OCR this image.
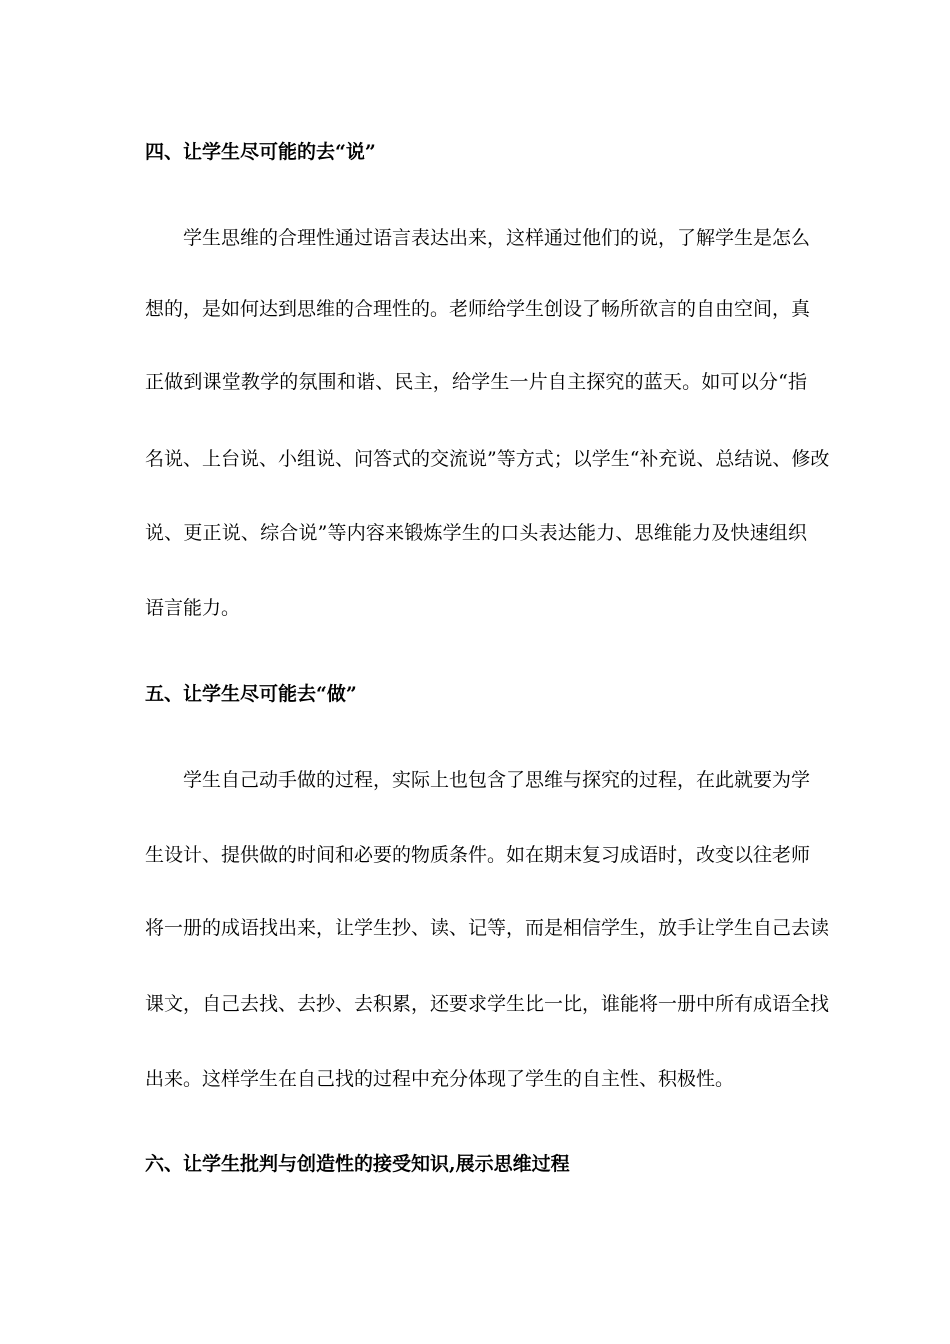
四、让学生尽可能的去“说”
学生思维的合理性通过语言表达出来，这样通过他们的说，了解学生是怎么
想的，是如何达到思维的合理性的。老师给学生创设了畅所欲言的自由空间，真
正做到课堂教学的氛围和谐、民主，给学生一片自主探究的蓝天。如可以分“指
名说、上台说、小组说、问答式的交流说”等方式；以学生“补充说、总结说、修改
说、更正说、综合说”等内容来锻炼学生的口头表达能力、思维能力及快速组织
语言能力。
五、让学生尽可能去“做”
学生自己动手做的过程，实际上也包含了思维与探究的过程，在此就要为学
生设计、提供做的时间和必要的物质条件。如在期末复习成语时，改变以往老师
将一册的成语找出来，让学生抄、读、记等，而是相信学生，放手让学生自己去读
课文，自己去找、去抄、去积累，还要求学生比一比，谁能将一册中所有成语全找
出来。这样学生在自己找的过程中充分体现了学生的自主性、积极性。
六、让学生批判与创造性的接受知识,展示思维过程
